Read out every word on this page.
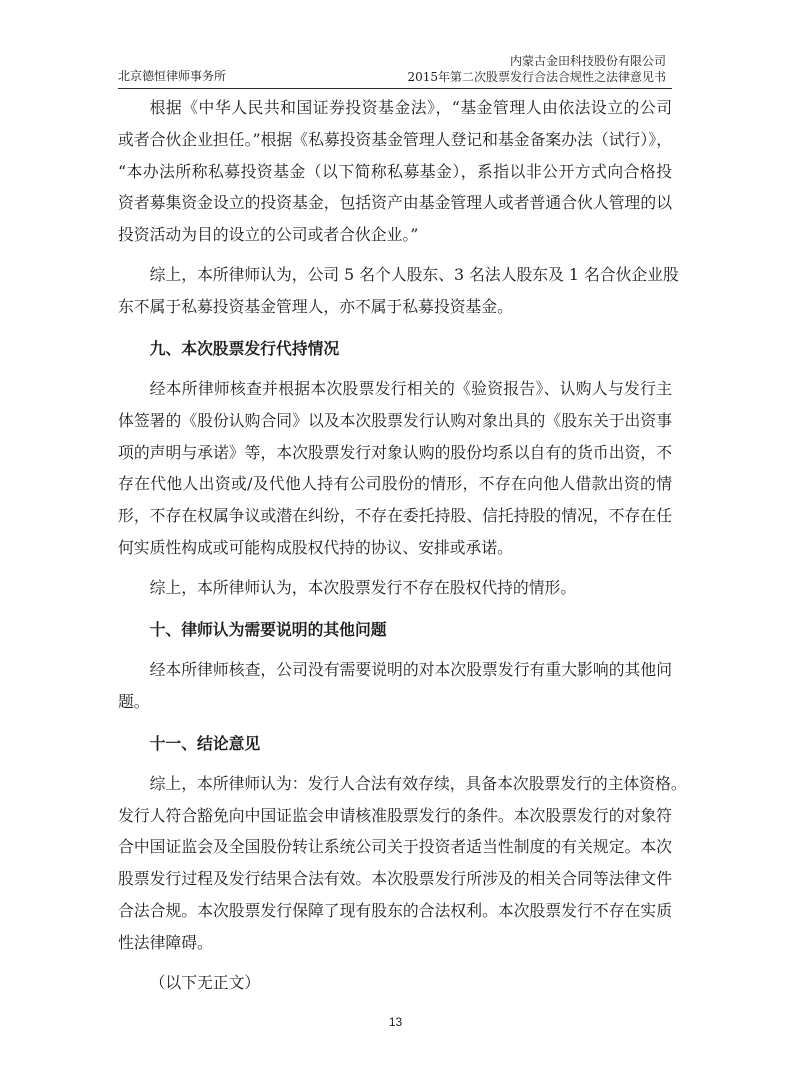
北京德恒律师事务所
内蒙古金田科技股份有限公司
2015年第二次股票发行合法合规性之法律意见书
根据《中华人民共和国证券投资基金法》，“基金管理人由依法设立的公司
或者合伙企业担任。”根据《私募投资基金管理人登记和基金备案办法（试行）》，
“本办法所称私募投资基金（以下简称私募基金），系指以非公开方式向合格投
资者募集资金设立的投资基金，包括资产由基金管理人或者普通合伙人管理的以
投资活动为目的设立的公司或者合伙企业。”
综上，本所律师认为，公司 5 名个人股东、3 名法人股东及 1 名合伙企业股
东不属于私募投资基金管理人，亦不属于私募投资基金。
九、本次股票发行代持情况
经本所律师核查并根据本次股票发行相关的《验资报告》、认购人与发行主
体签署的《股份认购合同》以及本次股票发行认购对象出具的《股东关于出资事
项的声明与承诺》等，本次股票发行对象认购的股份均系以自有的货币出资，不
存在代他人出资或/及代他人持有公司股份的情形，不存在向他人借款出资的情
形，不存在权属争议或潜在纠纷，不存在委托持股、信托持股的情况，不存在任
何实质性构成或可能构成股权代持的协议、安排或承诺。
综上，本所律师认为，本次股票发行不存在股权代持的情形。
十、律师认为需要说明的其他问题
经本所律师核查，公司没有需要说明的对本次股票发行有重大影响的其他问
题。
十一、结论意见
综上，本所律师认为：发行人合法有效存续，具备本次股票发行的主体资格。
发行人符合豁免向中国证监会申请核准股票发行的条件。本次股票发行的对象符
合中国证监会及全国股份转让系统公司关于投资者适当性制度的有关规定。本次
股票发行过程及发行结果合法有效。本次股票发行所涉及的相关合同等法律文件
合法合规。本次股票发行保障了现有股东的合法权利。本次股票发行不存在实质
性法律障碍。
（以下无正文）
13
